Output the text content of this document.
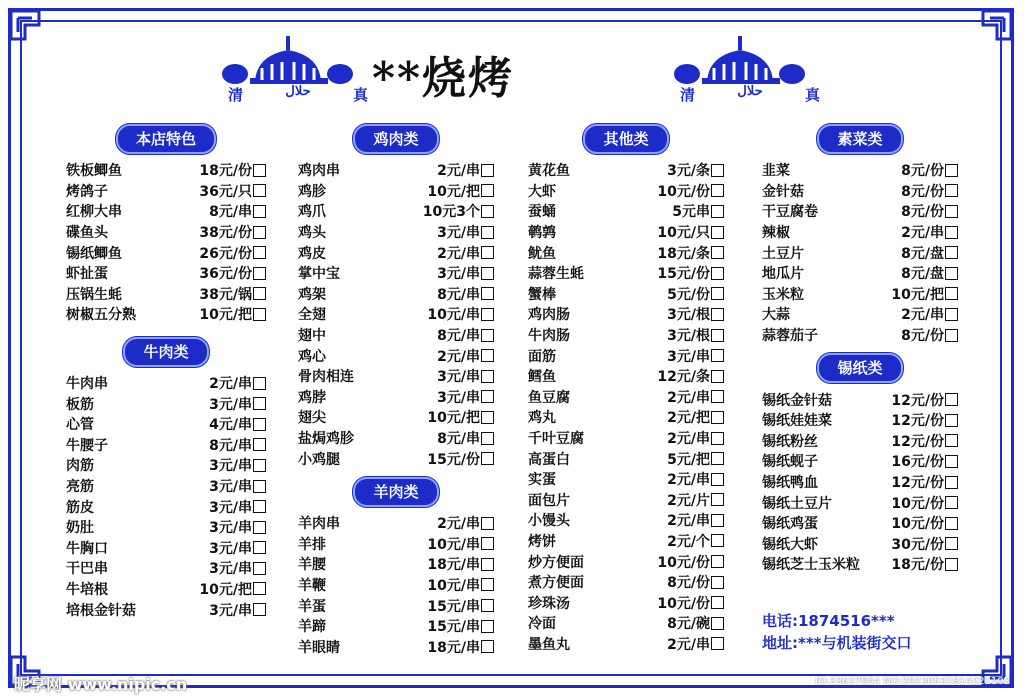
清	ﺣﻼﻝ	真	清	ﺣﻼﻝ	真
**烧烤
本店特色
铁板鲫鱼	18元/份
烤鸽子	36元/只
红柳大串	8元/串
碟鱼头	38元/份
锡纸鲫鱼	26元/份
虾扯蛋	36元/份
压锅生蚝	38元/锅
树椒五分熟	10元/把
牛肉类
牛肉串	2元/串
板筋	3元/串
心管	4元/串
牛腰子	8元/串
肉筋	3元/串
亮筋	3元/串
筋皮	3元/串
奶肚	3元/串
牛胸口	3元/串
干巴串	3元/串
牛培根	10元/把
培根金针菇	3元/串
鸡肉类
鸡肉串	2元/串
鸡胗	10元/把
鸡爪	10元3个
鸡头	3元/串
鸡皮	2元/串
掌中宝	3元/串
鸡架	8元/串
全翅	10元/串
翅中	8元/串
鸡心	2元/串
骨肉相连	3元/串
鸡脖	3元/串
翅尖	10元/把
盐焗鸡胗	8元/串
小鸡腿	15元/份
羊肉类
羊肉串	2元/串
羊排	10元/串
羊腰	18元/串
羊鞭	10元/串
羊蛋	15元/串
羊蹄	15元/串
羊眼睛	18元/串
其他类
黄花鱼	3元/条
大虾	10元/份
蚕蛹	5元串
鹌鹑	10元/只
鱿鱼	18元/条
蒜蓉生蚝	15元/份
蟹棒	5元/份
鸡肉肠	3元/根
牛肉肠	3元/根
面筋	3元/串
鳕鱼	12元/条
鱼豆腐	2元/串
鸡丸	2元/把
千叶豆腐	2元/串
高蛋白	5元/把
实蛋	2元/串
面包片	2元/片
小馒头	2元/串
烤饼	2元/个
炒方便面	10元/份
煮方便面	8元/份
珍珠汤	10元/份
冷面	8元/碗
墨鱼丸	2元/串
素菜类
韭菜	8元/份
金针菇	8元/份
干豆腐卷	8元/份
辣椒	2元/串
土豆片	8元/盘
地瓜片	8元/盘
玉米粒	10元/把
大蒜	2元/串
蒜蓉茄子	8元/份
锡纸类
锡纸金针菇	12元/份
锡纸娃娃菜	12元/份
锡纸粉丝	12元/份
锡纸蚬子	16元/份
锡纸鸭血	12元/份
锡纸土豆片	10元/份
锡纸鸡蛋	10元/份
锡纸大虾	30元/份
锡纸芝士玉米粒 18元/份
电话:1874516***
地址:***与机装街交口
昵享网 www.nipic.cn	ID:33637854 NO:20230531814221102
